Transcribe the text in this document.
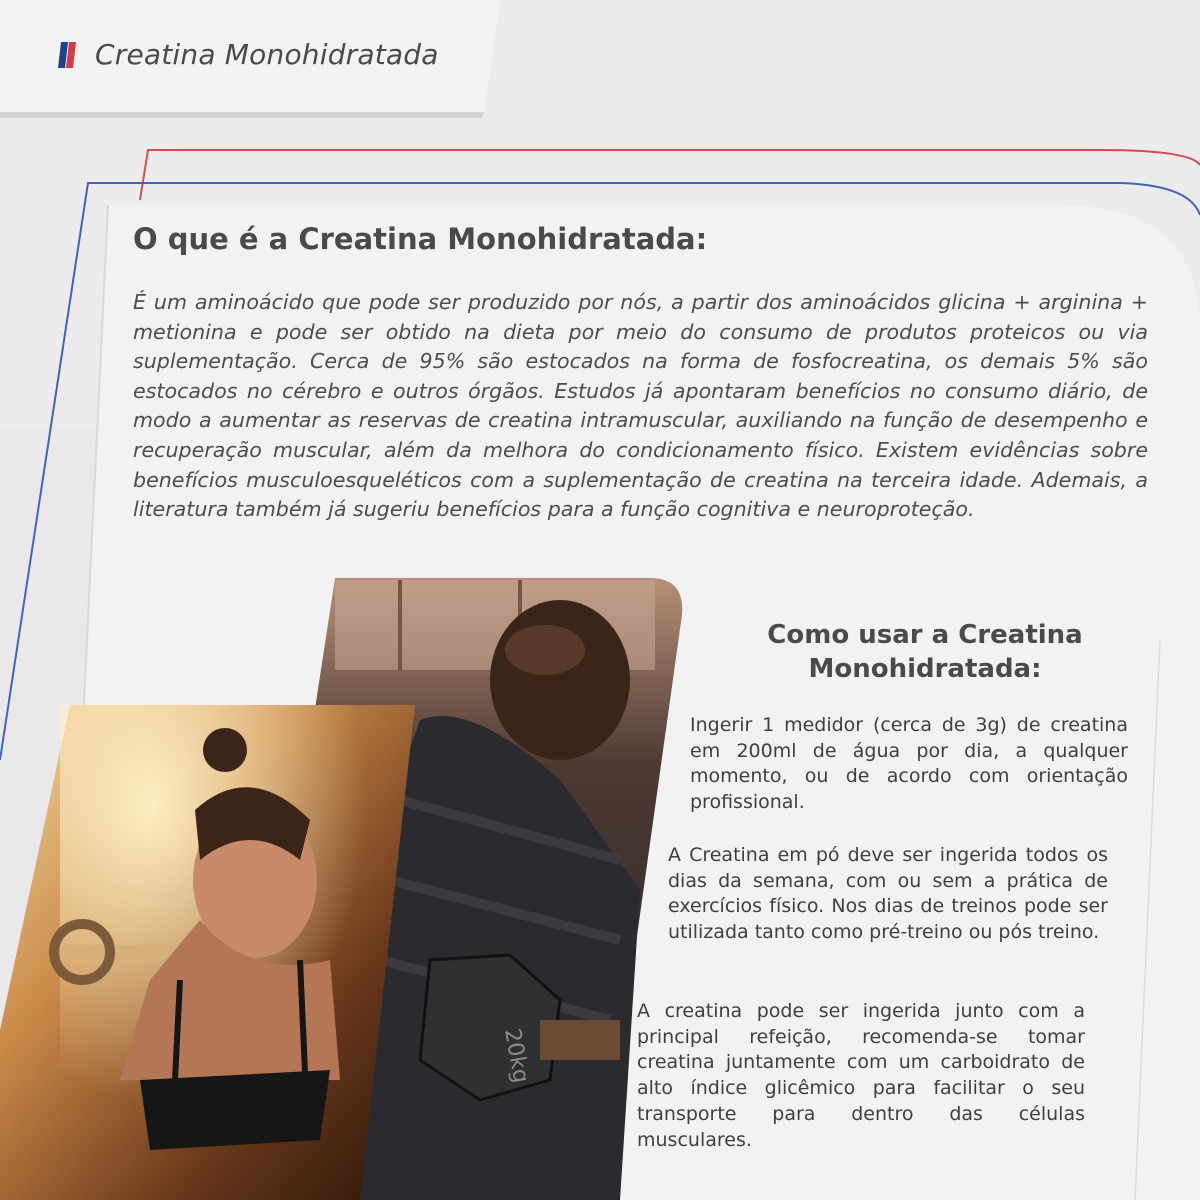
Creatina Monohidratada
O que é a Creatina Monohidratada:
É um aminoácido que pode ser produzido por nós, a partir dos aminoácidos glicina + arginina + metionina e pode ser obtido na dieta por meio do consumo de produtos proteicos ou via suplementação. Cerca de 95% são estocados na forma de fosfocreatina, os demais 5% são estocados no cérebro e outros órgãos. Estudos já apontaram benefícios no consumo diário, de modo a aumentar as reservas de creatina intramuscular, auxiliando na função de desempenho e recuperação muscular, além da melhora do condicionamento físico. Existem evidências sobre benefícios musculoesqueléticos com a suplementação de creatina na terceira idade. Ademais, a literatura também já sugeriu benefícios para a função cognitiva e neuroproteção.
20kg
Como usar a Creatina
Monohidratada:
Ingerir 1 medidor (cerca de 3g) de creatina em 200ml de água por dia, a qualquer momento, ou de acordo com orientação profissional.
A Creatina em pó deve ser ingerida todos os dias da semana, com ou sem a prática de exercícios físico. Nos dias de treinos pode ser utilizada tanto como pré-treino ou pós treino.
A creatina pode ser ingerida junto com a principal refeição, recomenda-se tomar creatina juntamente com um carboidrato de alto índice glicêmico para facilitar o seu transporte para dentro das células musculares.
